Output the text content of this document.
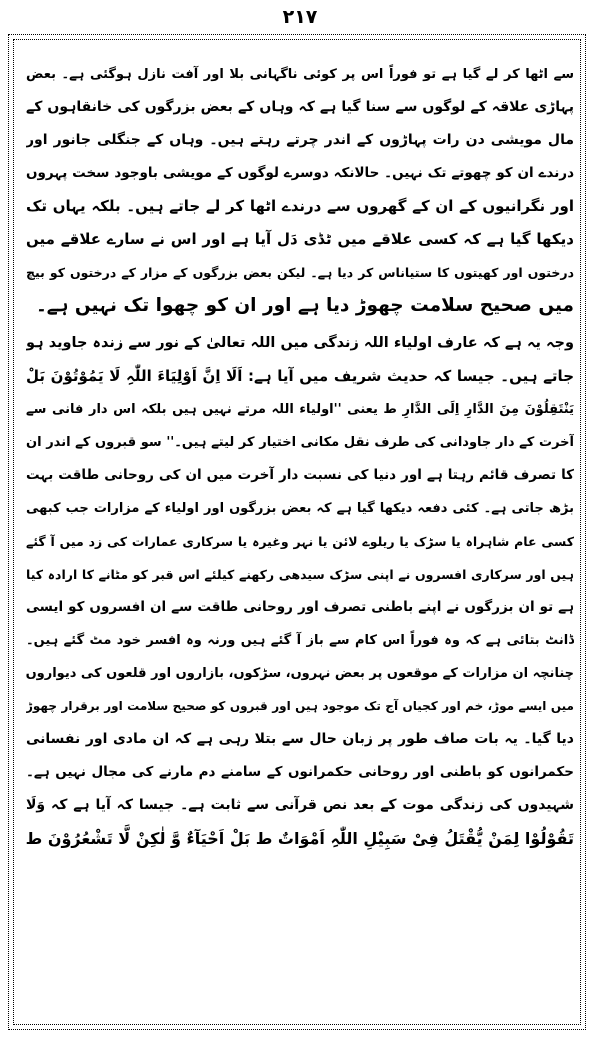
۲۱۷
سے اٹھا کر لے گیا ہے تو فوراً اس پر کوئی ناگہانی بلا اور آفت نازل ہوگئی ہے۔ بعض
پہاڑی علاقہ کے لوگوں سے سنا گیا ہے کہ وہاں کے بعض بزرگوں کی خانقاہوں کے
مال مویشی دن رات پہاڑوں کے اندر چرتے رہتے ہیں۔ وہاں کے جنگلی جانور اور
درندے ان کو چھوتے تک نہیں۔ حالانکہ دوسرے لوگوں کے مویشی باوجود سخت پہروں
اور نگرانیوں کے ان کے گھروں سے درندے اٹھا کر لے جاتے ہیں۔ بلکہ یہاں تک
دیکھا گیا ہے کہ کسی علاقے میں ٹڈی دَل آیا ہے اور اس نے سارے علاقے میں
درختوں اور کھیتوں کا ستیاناس کر دیا ہے۔ لیکن بعض بزرگوں کے مزار کے درختوں کو بیچ
میں صحیح سلامت چھوڑ دیا ہے اور ان کو چھوا تک نہیں ہے۔
وجہ یہ ہے کہ عارف اولیاء اللہ زندگی میں اللہ تعالیٰ کے نور سے زندہ جاوید ہو
جاتے ہیں۔ جیسا کہ حدیث شریف میں آیا ہے: اَلَا اِنَّ اَوْلِیَاءَ اللّٰہِ لَا یَمُوْتُوْنَ بَلْ
یَنْتَقِلُوْنَ مِنَ الدَّارِ اِلَی الدَّارِ ط یعنی ''اولیاء اللہ مرتے نہیں ہیں بلکہ اس دار فانی سے
آخرت کے دار جاودانی کی طرف نقل مکانی اختیار کر لیتے ہیں۔'' سو قبروں کے اندر ان
کا تصرف قائم رہتا ہے اور دنیا کی نسبت دار آخرت میں ان کی روحانی طاقت بہت
بڑھ جاتی ہے۔ کئی دفعہ دیکھا گیا ہے کہ بعض بزرگوں اور اولیاء کے مزارات جب کبھی
کسی عام شاہراہ یا سڑک یا ریلوے لائن یا نہر وغیرہ یا سرکاری عمارات کی زد میں آ گئے
ہیں اور سرکاری افسروں نے اپنی سڑک سیدھی رکھنے کیلئے اس قبر کو مٹانے کا ارادہ کیا
ہے تو ان بزرگوں نے اپنے باطنی تصرف اور روحانی طاقت سے ان افسروں کو ایسی
ڈانٹ بتائی ہے کہ وہ فوراً اس کام سے باز آ گئے ہیں ورنہ وہ افسر خود مٹ گئے ہیں۔
چنانچہ ان مزارات کے موقعوں پر بعض نہروں، سڑکوں، بازاروں اور قلعوں کی دیواروں
میں ایسے موڑ، خم اور کجیاں آج تک موجود ہیں اور قبروں کو صحیح سلامت اور برقرار چھوڑ
دیا گیا۔ یہ بات صاف طور پر زبان حال سے بتلا رہی ہے کہ ان مادی اور نفسانی
حکمرانوں کو باطنی اور روحانی حکمرانوں کے سامنے دم مارنے کی مجال نہیں ہے۔
شہیدوں کی زندگی موت کے بعد نص قرآنی سے ثابت ہے۔ جیسا کہ آیا ہے کہ وَلَا
تَقُوْلُوْا لِمَنْ یُّقْتَلُ فِیْ سَبِیْلِ اللّٰہِ اَمْوَاتٌ ط بَلْ اَحْیَآءٌ وَّ لٰکِنْ لَّا تَشْعُرُوْنَ ط
